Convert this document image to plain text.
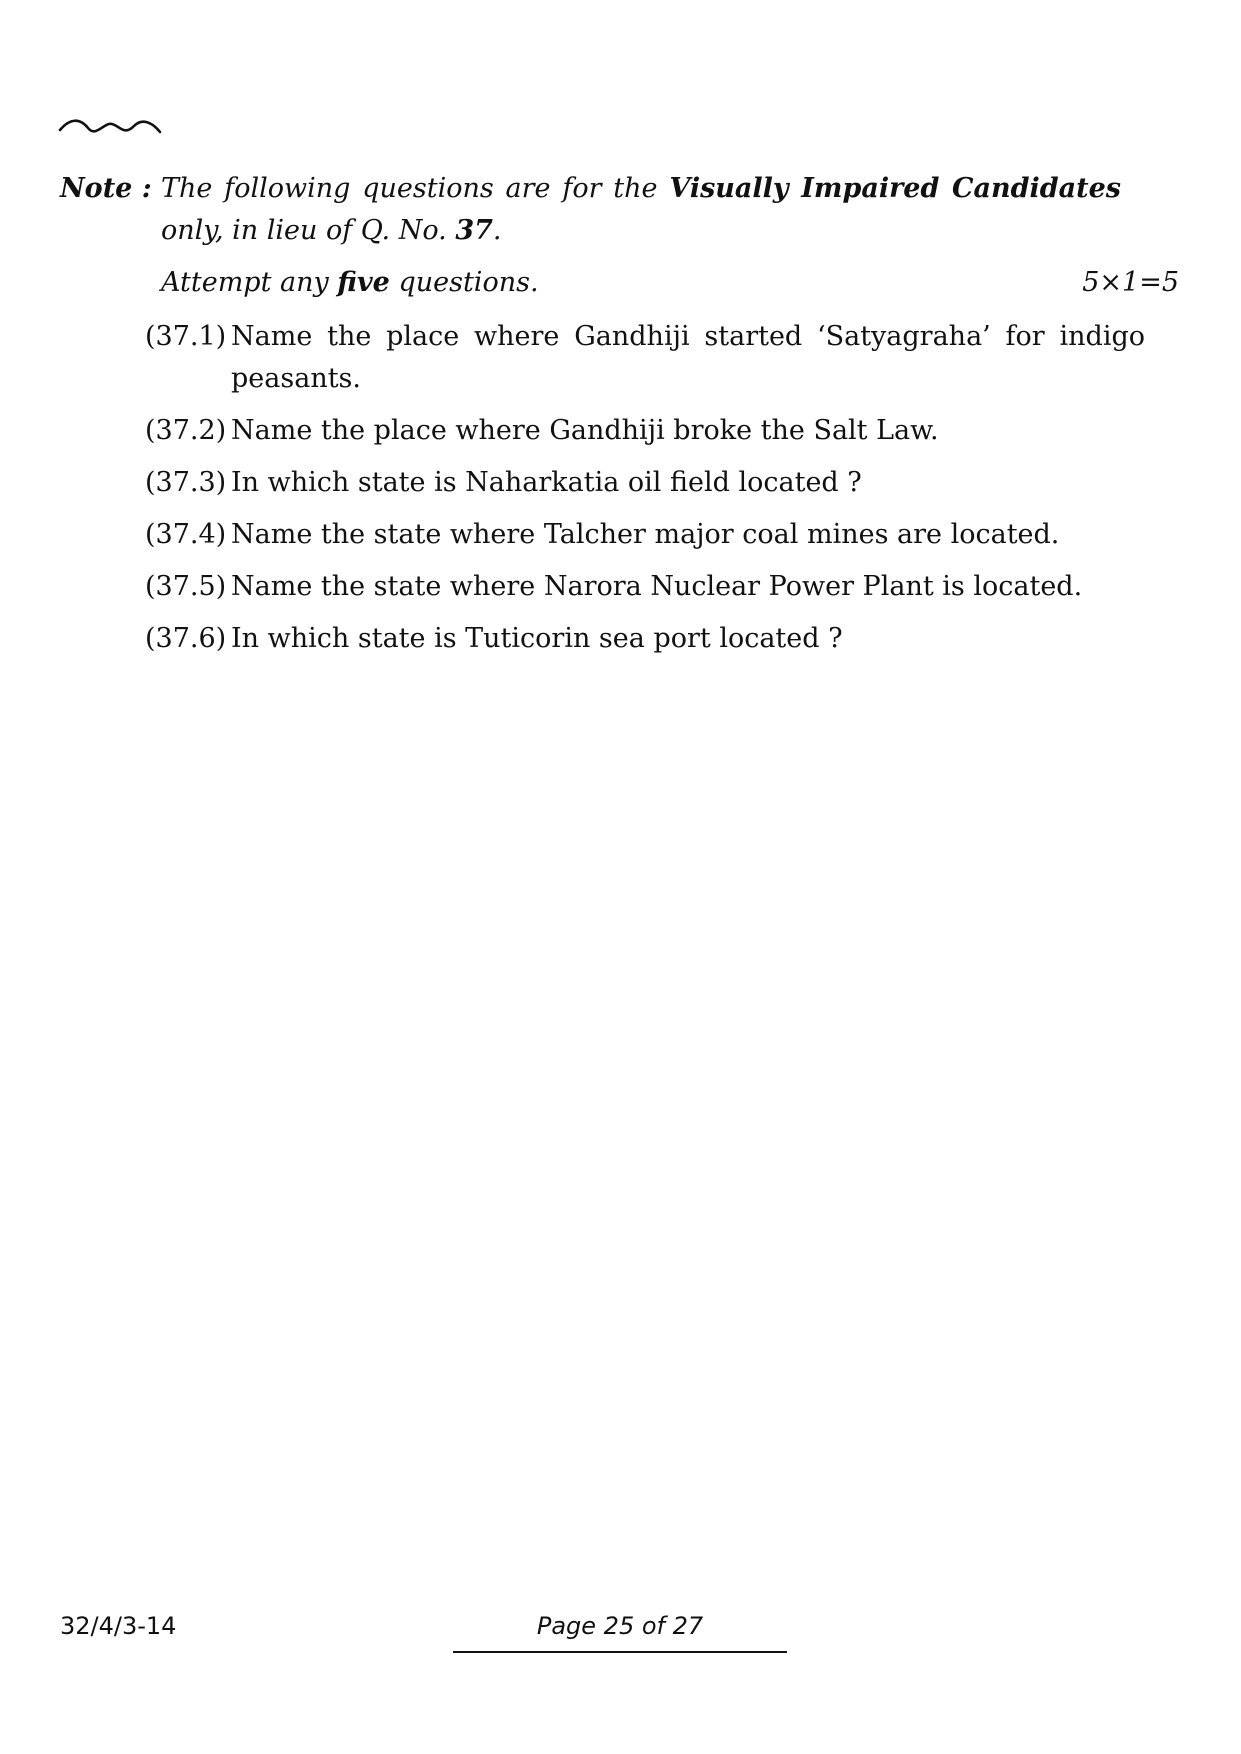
Note : The following questions are for the Visually Impaired Candidates only, in lieu of Q. No. 37.
Attempt any five questions.	5×1=5
(37.1) Name the place where Gandhiji started ‘Satyagraha’ for indigo peasants.
(37.2) Name the place where Gandhiji broke the Salt Law.
(37.3) In which state is Naharkatia oil field located ?
(37.4) Name the state where Talcher major coal mines are located.
(37.5) Name the state where Narora Nuclear Power Plant is located.
(37.6) In which state is Tuticorin sea port located ?
32/4/3-14	Page 25 of 27
